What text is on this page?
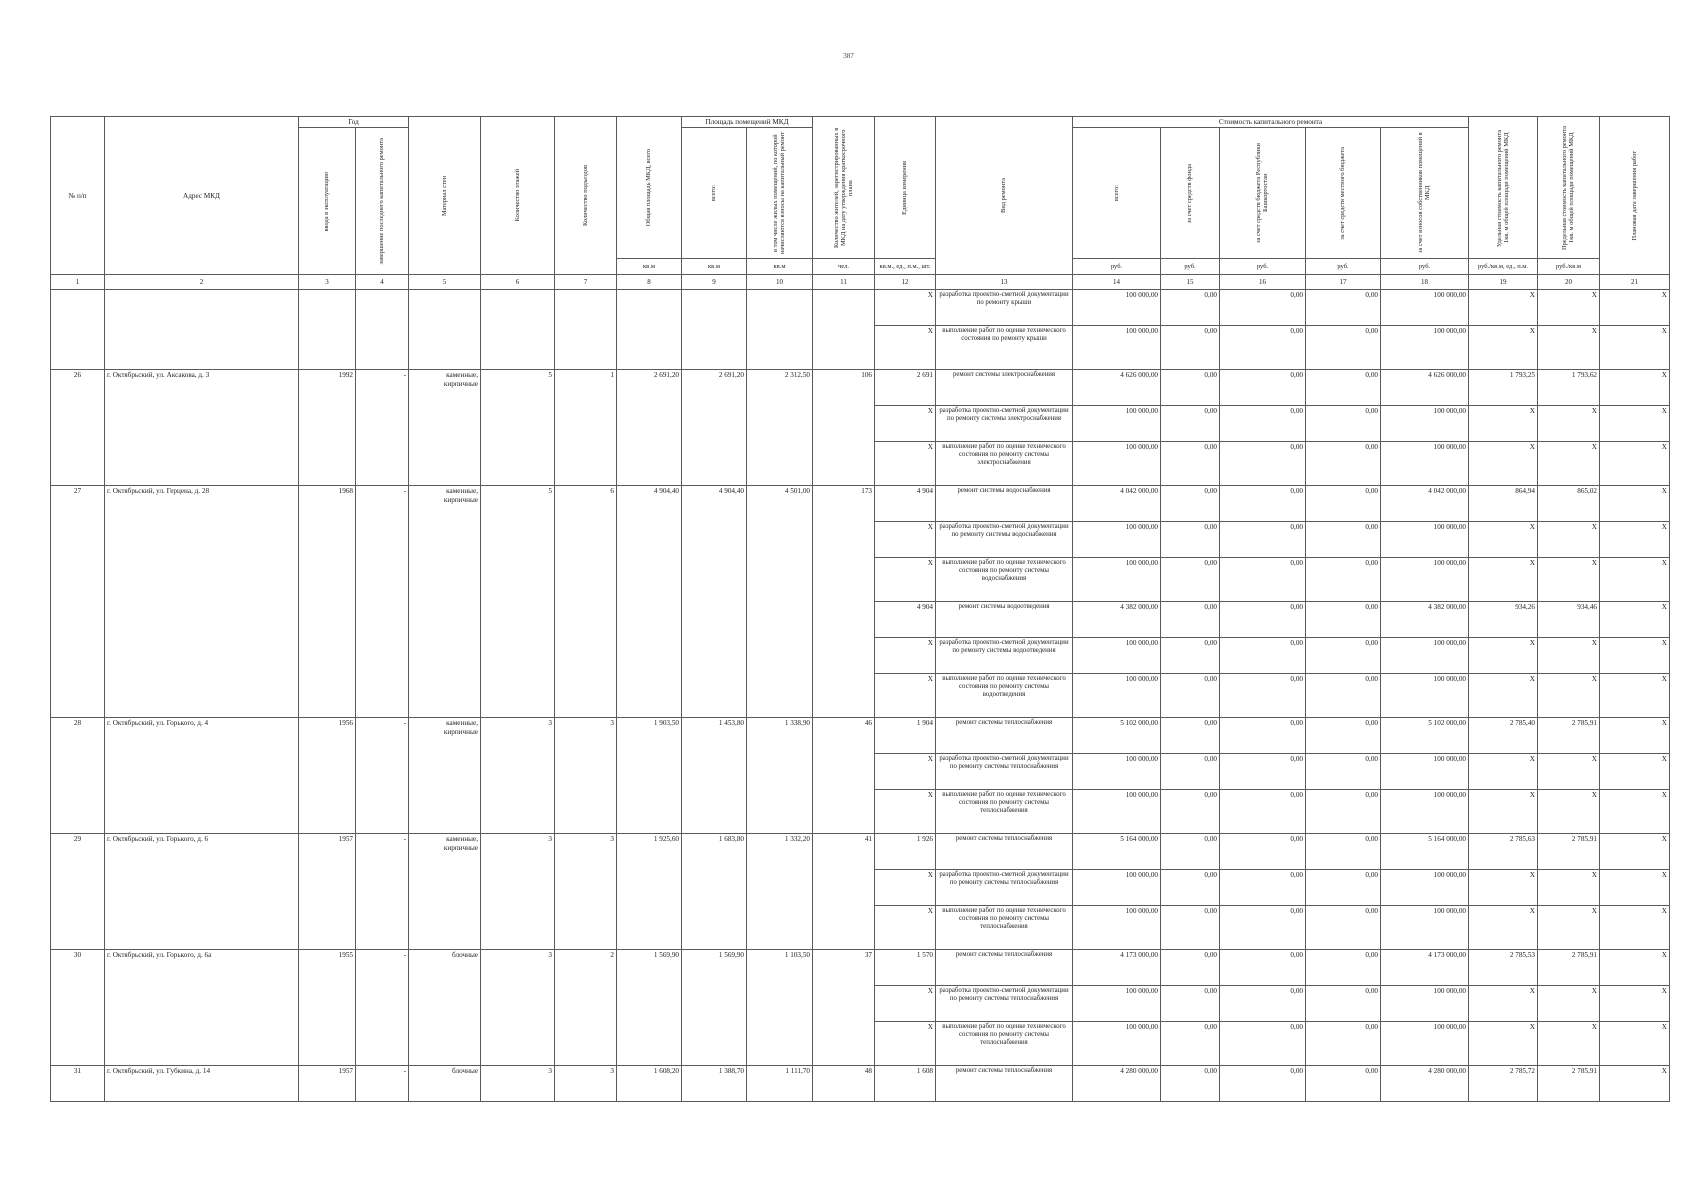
387
№ п/п	Адрес МКД	Год		Материал стен	Количество этажей	Количество подъездов	Общая площадь МКД, всего	Площадь помещений МКД		Количество жителей, зарегистрированных в МКД на дату утверждения краткосрочного плана	Единица измерения	Вид ремонта	Стоимость капитального ремонта					Удельная стоимость капитального ремонта 1кв. м общей площади помещений МКД	Предельная стоимость капитального ремонта 1кв. м общей площади помещений МКД	Плановая дата завершения работ

		ввода в эксплуатацию	завершение последнего капитального ремонта					всего:	в том числе жилых помещений, по которой начисляются взносы на капитальный ремонт				всего:	за счет средств фонда	за счет средств бюджета Республики Башкортостан	за счет средств местного бюджета	за счет взносов собственников помещений в МКД			

							кв.м	кв.м	кв.м	чел.	кв.м., ед., п.м., шт.		руб.	руб.	руб.	руб.	руб.	руб./кв.м, ед., п.м.	руб./кв.м	
1	2	3	4	5	6	7	8	9	10	11	12	13	14	15	16	17	18	19	20	21
											X	разработка проектно-сметной документации по ремонту крыши	100 000,00	0,00	0,00	0,00	100 000,00	X	X	X
											X	выполнение работ по оценке технического состояния по ремонту крыши	100 000,00	0,00	0,00	0,00	100 000,00	X	X	X
26	г. Октябрьский, ул. Аксакова, д. 3	1992	-	каменные, кирпичные	5	1	2 691,20	2 691,20	2 312,50	106	2 691	ремонт системы электроснабжения	4 626 000,00	0,00	0,00	0,00	4 626 000,00	1 793,25	1 793,62	X
											X	разработка проектно-сметной документации по ремонту системы электроснабжения	100 000,00	0,00	0,00	0,00	100 000,00	X	X	X
											X	выполнение работ по оценке технического состояния по ремонту системы электроснабжения	100 000,00	0,00	0,00	0,00	100 000,00	X	X	X
27	г. Октябрьский, ул. Герцена, д. 28	1968	-	каменные, кирпичные	5	6	4 904,40	4 904,40	4 501,00	173	4 904	ремонт системы водоснабжения	4 042 000,00	0,00	0,00	0,00	4 042 000,00	864,94	865,02	X
											X	разработка проектно-сметной документации по ремонту системы водоснабжения	100 000,00	0,00	0,00	0,00	100 000,00	X	X	X
											X	выполнение работ по оценке технического состояния по ремонту системы водоснабжения	100 000,00	0,00	0,00	0,00	100 000,00	X	X	X
											4 904	ремонт системы водоотведения	4 382 000,00	0,00	0,00	0,00	4 382 000,00	934,26	934,46	X
											X	разработка проектно-сметной документации по ремонту системы водоотведения	100 000,00	0,00	0,00	0,00	100 000,00	X	X	X
											X	выполнение работ по оценке технического состояния по ремонту системы водоотведения	100 000,00	0,00	0,00	0,00	100 000,00	X	X	X
28	г. Октябрьский, ул. Горького, д. 4	1956	-	каменные, кирпичные	3	3	1 903,50	1 453,80	1 338,90	46	1 904	ремонт системы теплоснабжения	5 102 000,00	0,00	0,00	0,00	5 102 000,00	2 785,40	2 785,91	X
											X	разработка проектно-сметной документации по ремонту системы теплоснабжения	100 000,00	0,00	0,00	0,00	100 000,00	X	X	X
											X	выполнение работ по оценке технического состояния по ремонту системы теплоснабжения	100 000,00	0,00	0,00	0,00	100 000,00	X	X	X
29	г. Октябрьский, ул. Горького, д. 6	1957	-	каменные, кирпичные	3	3	1 925,60	1 683,80	1 332,20	41	1 926	ремонт системы теплоснабжения	5 164 000,00	0,00	0,00	0,00	5 164 000,00	2 785,63	2 785,91	X
											X	разработка проектно-сметной документации по ремонту системы теплоснабжения	100 000,00	0,00	0,00	0,00	100 000,00	X	X	X
											X	выполнение работ по оценке технического состояния по ремонту системы теплоснабжения	100 000,00	0,00	0,00	0,00	100 000,00	X	X	X
30	г. Октябрьский, ул. Горького, д. 6а	1955	-	блочные	3	2	1 569,90	1 569,90	1 103,50	37	1 570	ремонт системы теплоснабжения	4 173 000,00	0,00	0,00	0,00	4 173 000,00	2 785,53	2 785,91	X
											X	разработка проектно-сметной документации по ремонту системы теплоснабжения	100 000,00	0,00	0,00	0,00	100 000,00	X	X	X
											X	выполнение работ по оценке технического состояния по ремонту системы теплоснабжения	100 000,00	0,00	0,00	0,00	100 000,00	X	X	X
31	г. Октябрьский, ул. Губкина, д. 14	1957	-	блочные	3	3	1 608,20	1 388,70	1 111,70	48	1 608	ремонт системы теплоснабжения	4 280 000,00	0,00	0,00	0,00	4 280 000,00	2 785,72	2 785,91	X
